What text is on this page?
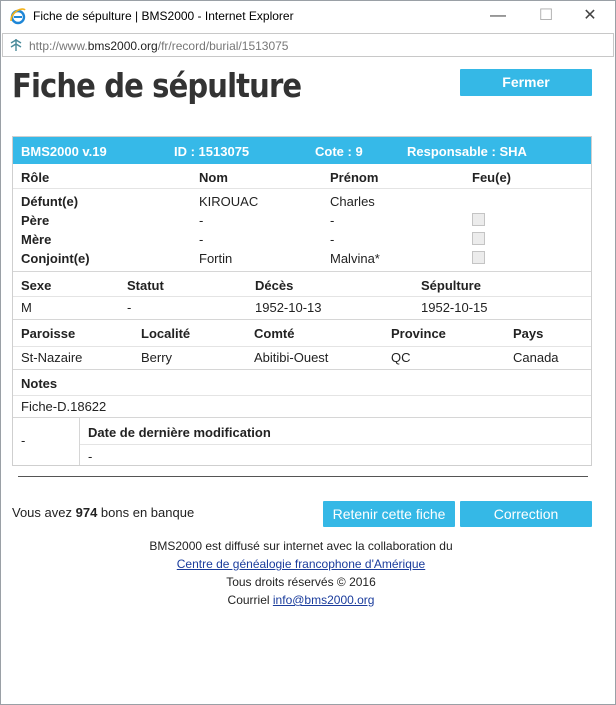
Fiche de sépulture | BMS2000 - Internet Explorer	—	☐	✕
http://www.bms2000.org/fr/record/burial/1513075
Fiche de sépulture	Fermer
BMS2000 v.19	ID : 1513075	Cote : 9	Responsable : SHA
Rôle	Nom	Prénom	Feu(e)
Défunt(e)	KIROUAC	Charles
Père	-	-
Mère	-	-
Conjoint(e)	Fortin	Malvina*
Sexe	Statut	Décès	Sépulture
M	-	1952-10-13	1952-10-15
Paroisse	Localité	Comté	Province	Pays
St-Nazaire	Berry	Abitibi-Ouest	QC	Canada
Notes
Fiche-D.18622
-
Date de dernière modification
-
Vous avez 974 bons en banque	Retenir cette fiche	Correction
BMS2000 est diffusé sur internet avec la collaboration du
Centre de généalogie francophone d'Amérique
Tous droits réservés © 2016
Courriel info@bms2000.org
